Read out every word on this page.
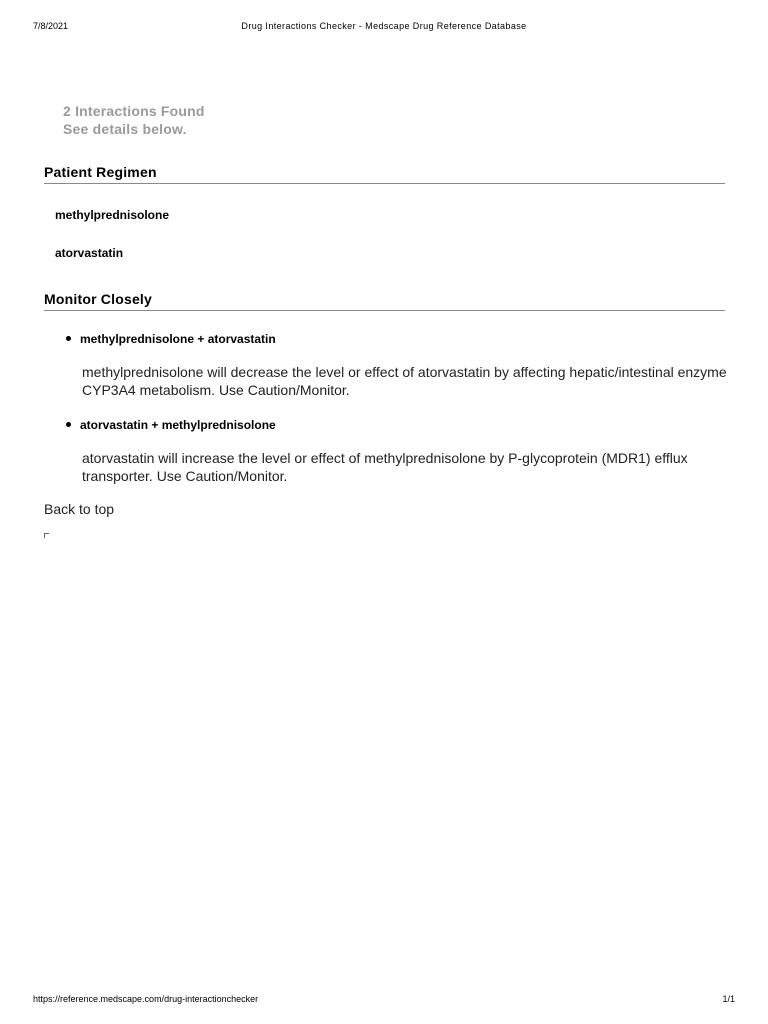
7/8/2021	Drug Interactions Checker - Medscape Drug Reference Database
2 Interactions Found
See details below.
Patient Regimen
methylprednisolone
atorvastatin
Monitor Closely
methylprednisolone + atorvastatin
methylprednisolone will decrease the level or effect of atorvastatin by affecting hepatic/intestinal enzyme CYP3A4 metabolism. Use Caution/Monitor.
atorvastatin + methylprednisolone
atorvastatin will increase the level or effect of methylprednisolone by P-glycoprotein (MDR1) efflux transporter. Use Caution/Monitor.
Back to top
https://reference.medscape.com/drug-interactionchecker	1/1
